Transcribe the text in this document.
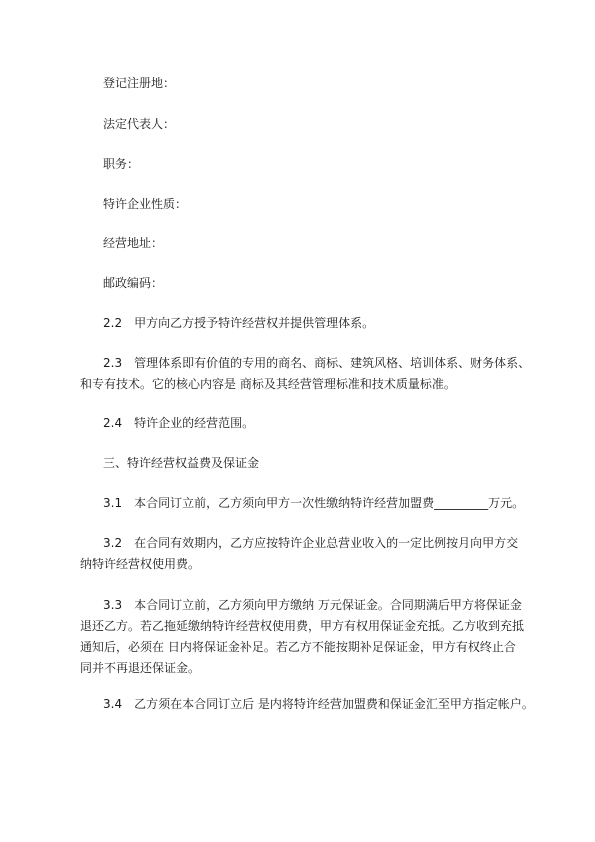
登记注册地：
法定代表人：
职务：
特许企业性质：
经营地址：
邮政编码：
2.2　甲方向乙方授予特许经营权并提供管理体系。
2.3　管理体系即有价值的专用的商名、商标、建筑风格、培训体系、财务体系、
和专有技术。它的核心内容是 商标及其经营管理标准和技术质量标准。
2.4　特许企业的经营范围。
三、特许经营权益费及保证金
3.1　本合同订立前，乙方须向甲方一次性缴纳特许经营加盟费_________万元。
3.2　在合同有效期内，乙方应按特许企业总营业收入的一定比例按月向甲方交
纳特许经营权使用费。
3.3　本合同订立前，乙方须向甲方缴纳 万元保证金。合同期满后甲方将保证金
退还乙方。若乙拖延缴纳特许经营权使用费，甲方有权用保证金充抵。乙方收到充抵
通知后，必须在 日内将保证金补足。若乙方不能按期补足保证金，甲方有权终止合
同并不再退还保证金。
3.4　乙方须在本合同订立后 是内将特许经营加盟费和保证金汇至甲方指定帐户。
